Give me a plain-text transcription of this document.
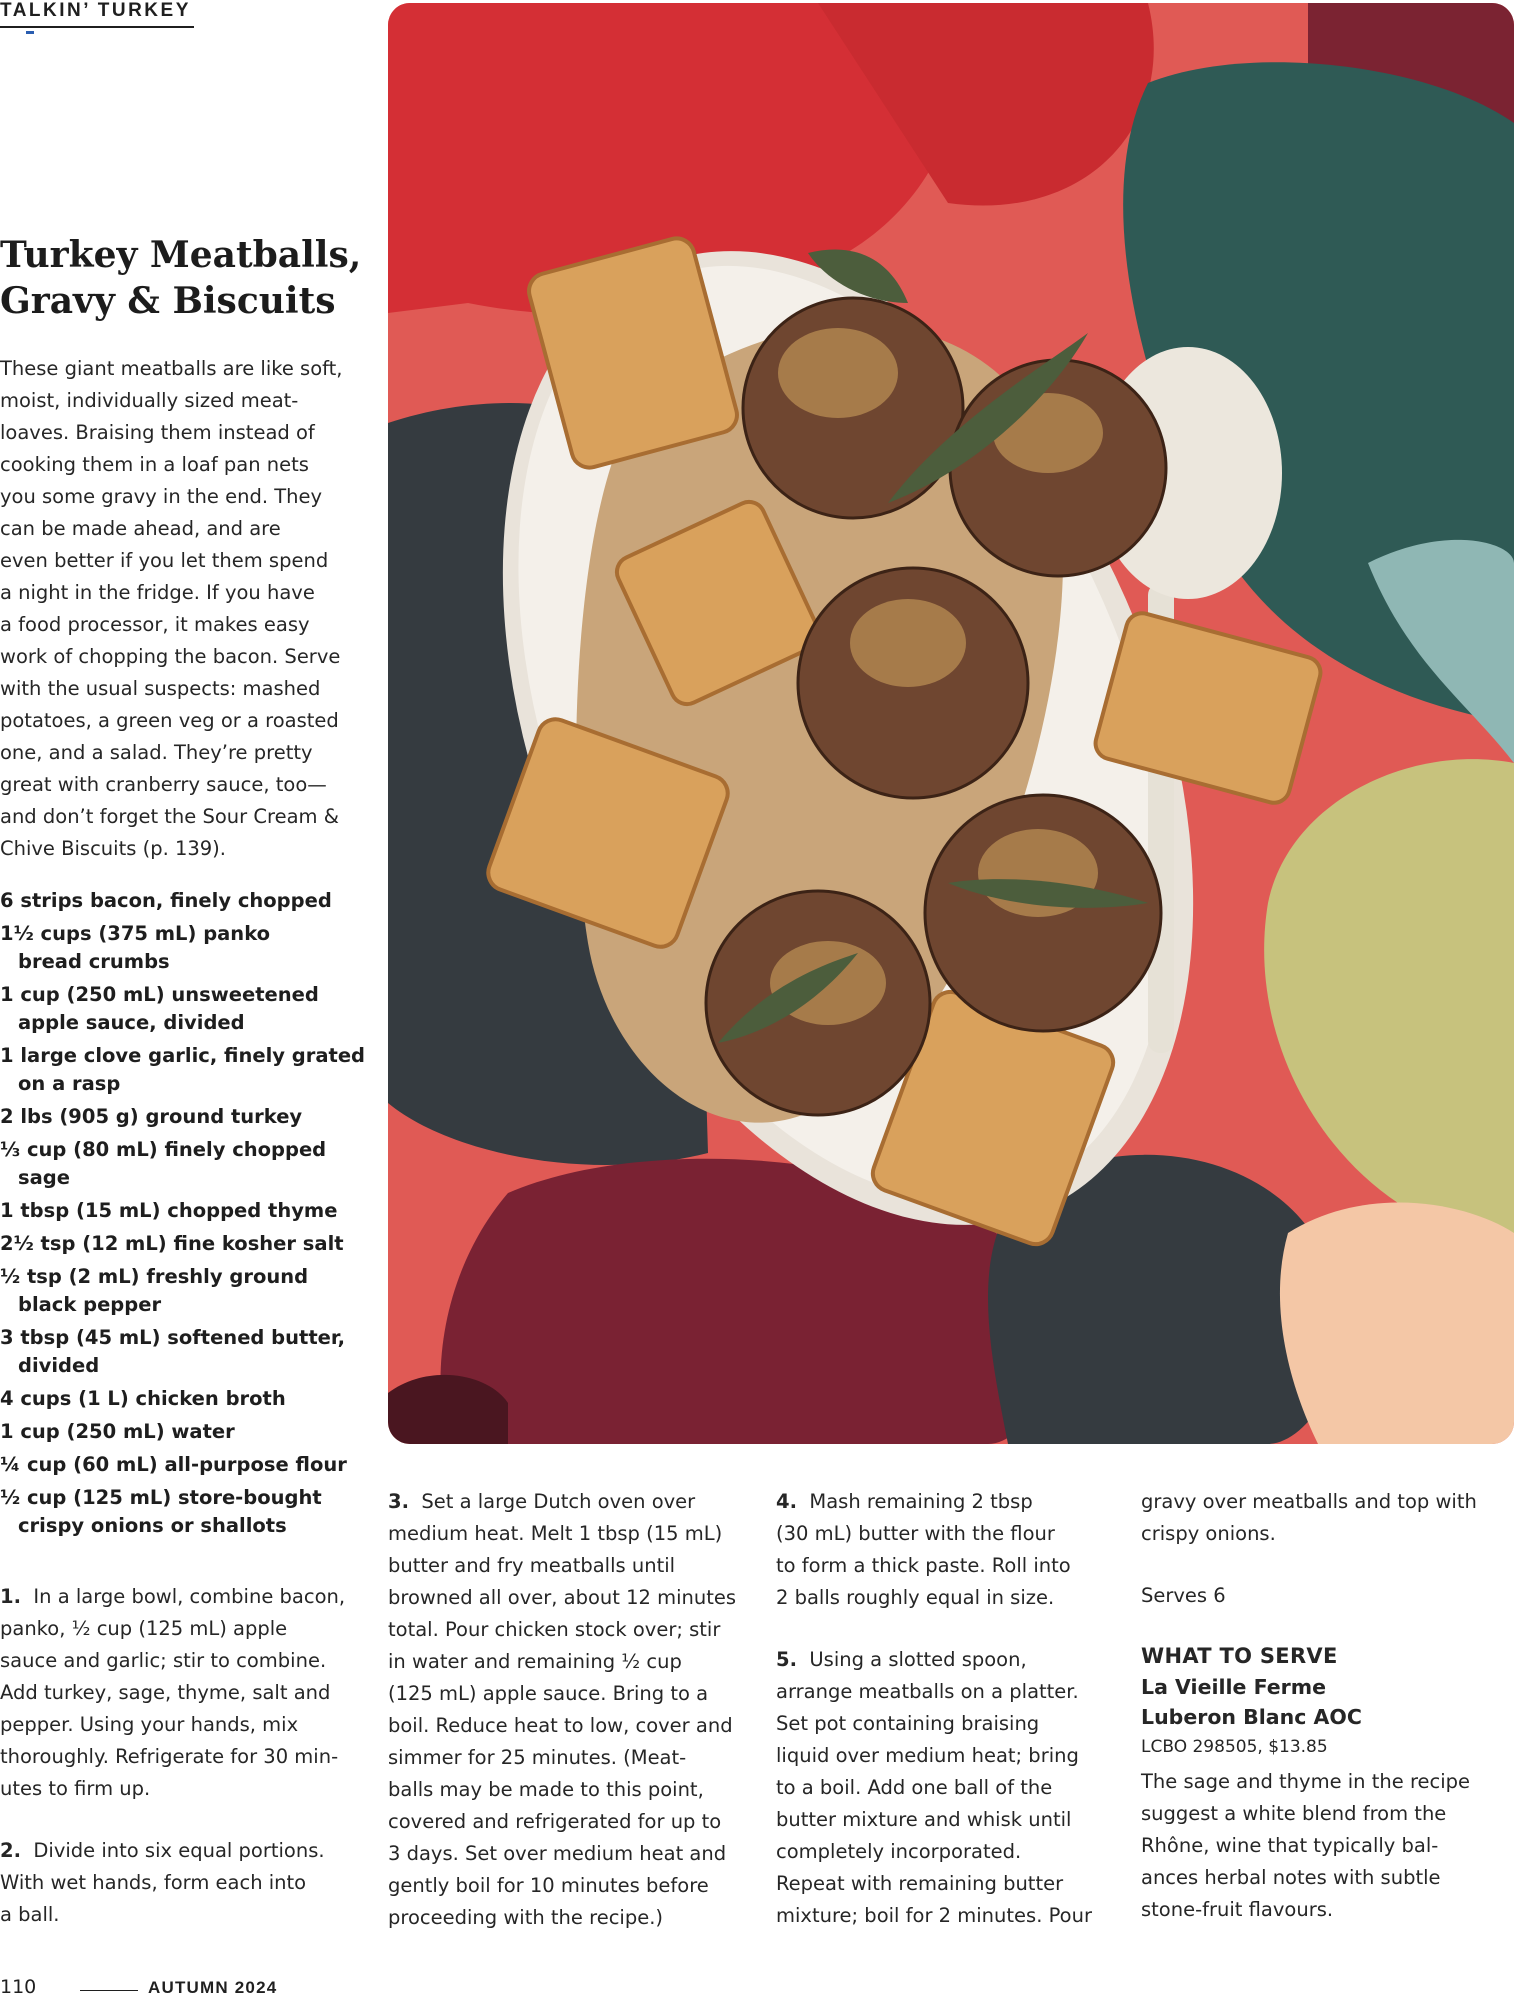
TALKIN’ TURKEY
Turkey Meatballs,
Gravy & Biscuits

These giant meatballs are like soft,
moist, individually sized meat-
loaves. Braising them instead of
cooking them in a loaf pan nets
you some gravy in the end. They
can be made ahead, and are
even better if you let them spend
a night in the fridge. If you have
a food processor, it makes easy
work of chopping the bacon. Serve
with the usual suspects: mashed
potatoes, a green veg or a roasted
one, and a salad. They’re pretty
great with cranberry sauce, too—
and don’t forget the Sour Cream &
Chive Biscuits (p. 139).

6 strips bacon, finely chopped
1½ cups (375 mL) panko
bread crumbs
1 cup (250 mL) unsweetened
apple sauce, divided
1 large clove garlic, finely grated
on a rasp
2 lbs (905 g) ground turkey
⅓ cup (80 mL) finely chopped
sage
1 tbsp (15 mL) chopped thyme
2½ tsp (12 mL) fine kosher salt
½ tsp (2 mL) freshly ground
black pepper
3 tbsp (45 mL) softened butter,
divided
4 cups (1 L) chicken broth
1 cup (250 mL) water
¼ cup (60 mL) all-purpose flour
½ cup (125 mL) store-bought
crispy onions or shallots

1. In a large bowl, combine bacon,
panko, ½ cup (125 mL) apple
sauce and garlic; stir to combine.
Add turkey, sage, thyme, salt and
pepper. Using your hands, mix
thoroughly. Refrigerate for 30 min-
utes to firm up.

2. Divide into six equal portions.
With wet hands, form each into
a ball.

3. Set a large Dutch oven over
medium heat. Melt 1 tbsp (15 mL)
butter and fry meatballs until
browned all over, about 12 minutes
total. Pour chicken stock over; stir
in water and remaining ½ cup
(125 mL) apple sauce. Bring to a
boil. Reduce heat to low, cover and
simmer for 25 minutes. (Meat-
balls may be made to this point,
covered and refrigerated for up to
3 days. Set over medium heat and
gently boil for 10 minutes before
proceeding with the recipe.)

4. Mash remaining 2 tbsp
(30 mL) butter with the flour
to form a thick paste. Roll into
2 balls roughly equal in size.

5. Using a slotted spoon,
arrange meatballs on a platter.
Set pot containing braising
liquid over medium heat; bring
to a boil. Add one ball of the
butter mixture and whisk until
completely incorporated.
Repeat with remaining butter
mixture; boil for 2 minutes. Pour

gravy over meatballs and top with
crispy onions.

Serves 6
WHAT TO SERVE
La Vieille Ferme
Luberon Blanc AOC
LCBO 298505, $13.85

The sage and thyme in the recipe
suggest a white blend from the
Rhône, wine that typically bal-
ances herbal notes with subtle
stone-fruit flavours.

110	AUTUMN 2024
